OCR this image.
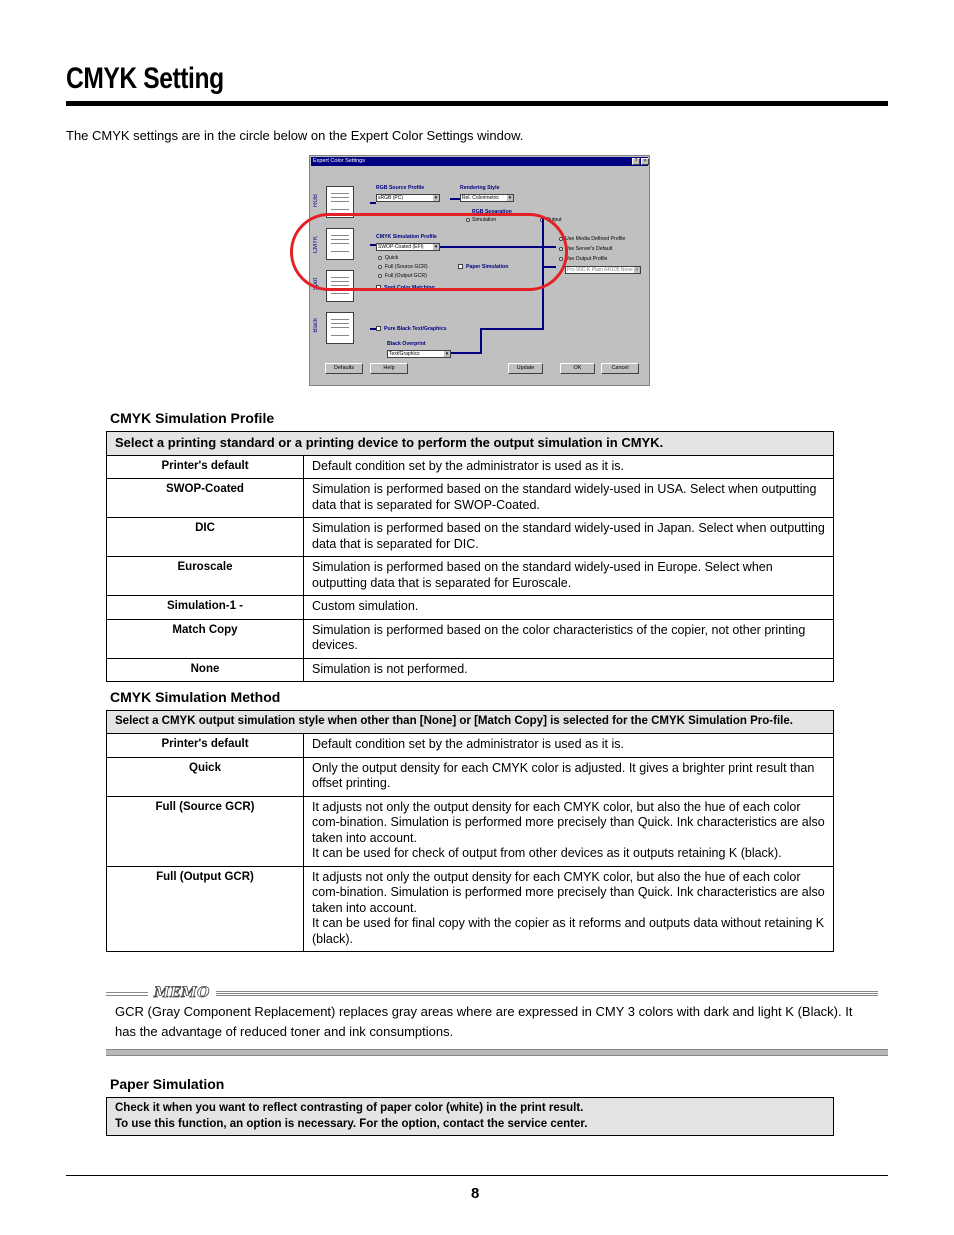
CMYK Setting
The CMYK settings are in the circle below on the Expert Color Settings window.
Expert Color Settings	?	×
RGB
CMYK
Spot
Black
RGB Source Profile
sRGB (PC) ▾
Rendering Style
Rel. Colorimetric ▾
RGB Separation
Simulation	Output
CMYK Simulation Profile
SWOP-Coated (EFI) ▾
Quick
Full (Source GCR)
Full (Output GCR)
Paper Simulation
Spot Color Matching
Use Media Defined Profile
Use Server's Default
Use Output Profile
Pro 90C-K Plain 64/105 None ▾
Pure Black Text/Graphics
Black Overprint
Text/Graphics ▾
Defaults	Help	Update	OK	Cancel
CMYK Simulation Profile
Select a printing standard or a printing device to perform the output simulation in CMYK.	
Printer's default	Default condition set by the administrator is used as it is.

SWOP-Coated	Simulation is performed based on the standard widely-used in USA. Select when outputting data that is separated for SWOP-Coated.

DIC	Simulation is performed based on the standard widely-used in Japan. Select when outputting data that is separated for DIC.

Euroscale	Simulation is performed based on the standard widely-used in Europe. Select when outputting data that is separated for Euroscale.

Simulation-1 -	Custom simulation.

Match Copy	Simulation is performed based on the color characteristics of the copier, not other printing devices.

None	Simulation is not performed.
CMYK Simulation Method
Select a CMYK output simulation style when other than [None] or [Match Copy] is selected for the CMYK Simulation Pro-file.	
Printer's default	Default condition set by the administrator is used as it is.

Quick	Only the output density for each CMYK color is adjusted. It gives a brighter print result than offset printing.

Full (Source GCR)	It adjusts not only the output density for each CMYK color, but also the hue of each color com-bination. Simulation is performed more precisely than Quick. Ink characteristics are also taken into account.
It can be used for check of output from other devices as it outputs retaining K (black).

Full (Output GCR)	It adjusts not only the output density for each CMYK color, but also the hue of each color com-bination. Simulation is performed more precisely than Quick. Ink characteristics are also taken into account.
It can be used for final copy with the copier as it reforms and outputs data without retaining K (black).
MEMO
GCR (Gray Component Replacement) replaces gray areas where are expressed in CMY 3 colors with dark and light K (Black). It has the advantage of reduced toner and ink consumptions.
Paper Simulation
Check it when you want to reflect contrasting of paper color (white) in the print result.
To use this function, an option is necessary. For the option, contact the service center.
8
